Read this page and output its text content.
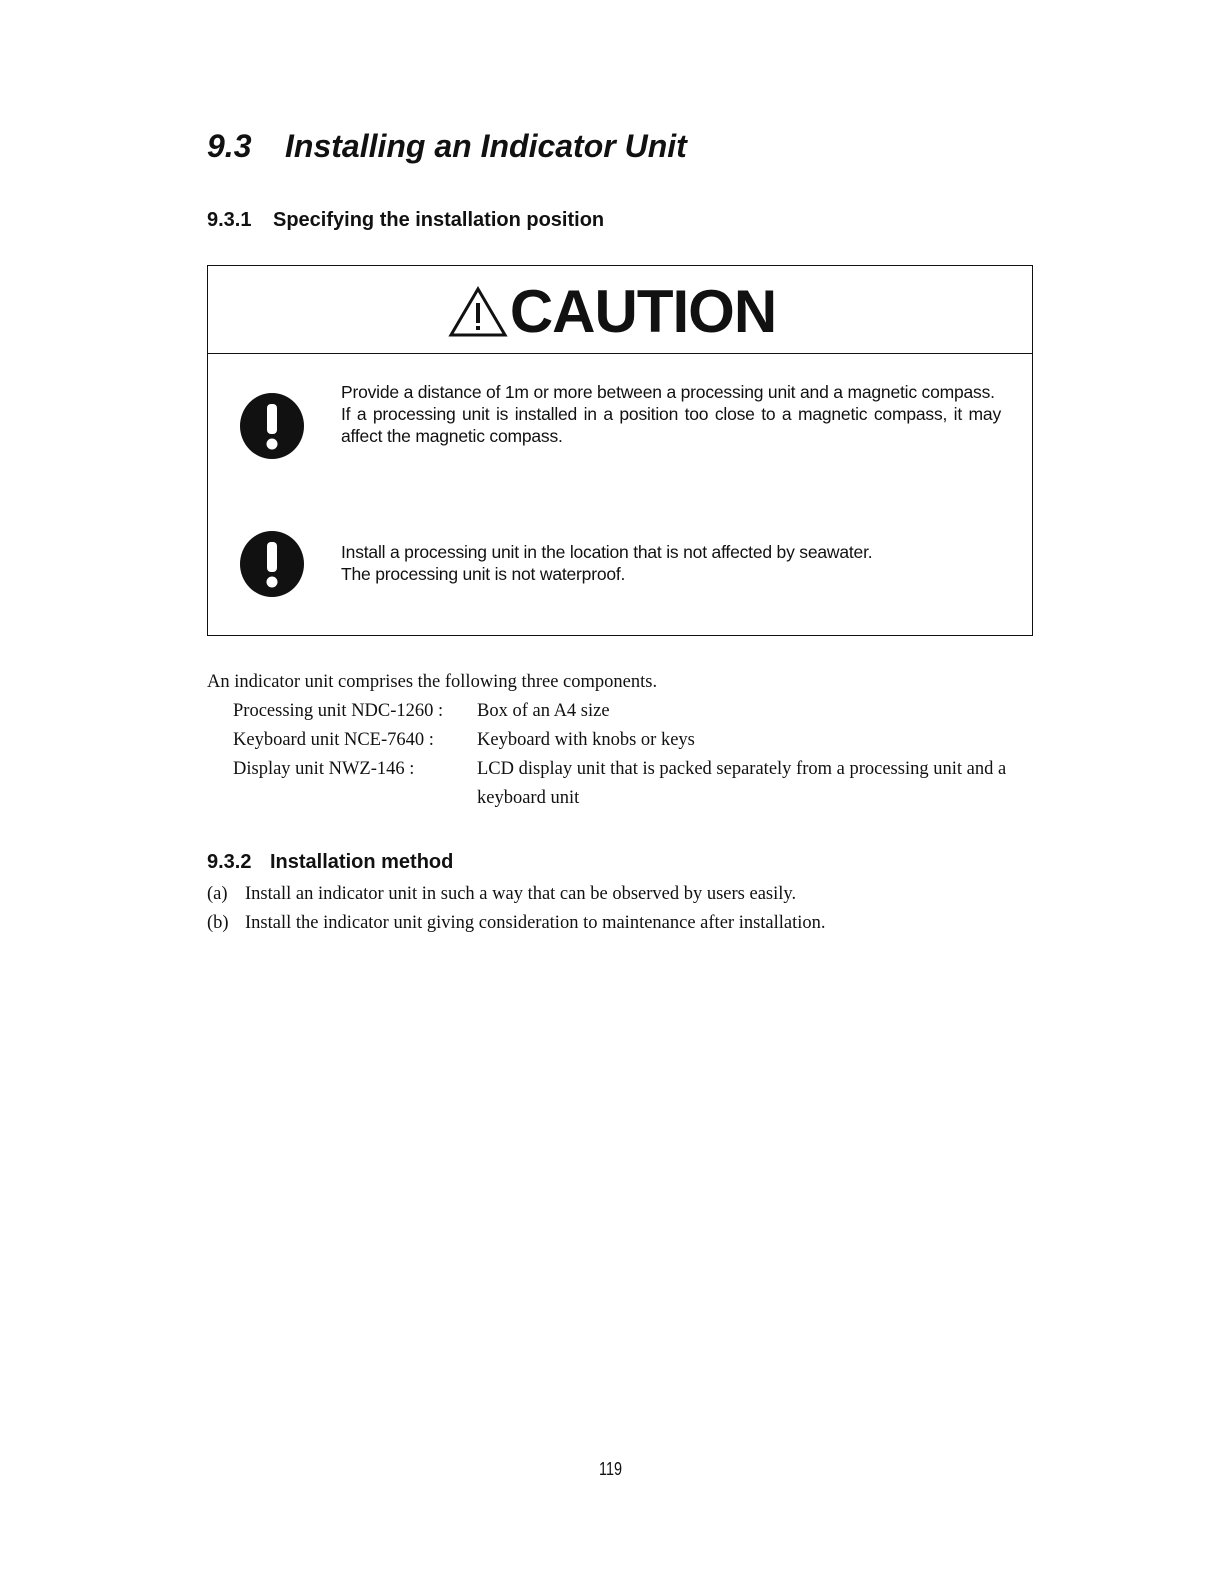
9.3 Installing an Indicator Unit
9.3.1 Specifying the installation position
CAUTION

Provide a distance of 1m or more between a processing unit and a magnetic compass.

If a processing unit is installed in a position too close to a magnetic compass, it may affect the magnetic compass.

Install a processing unit in the location that is not affected by seawater.

The processing unit is not waterproof.

An indicator unit comprises the following three components.

Processing unit NDC-1260 :	Box of an A4 size
Keyboard unit NCE-7640 :	Keyboard with knobs or keys
Display unit NWZ-146 :	LCD display unit that is packed separately from a processing unit and a keyboard unit
9.3.2 Installation method
(a) Install an indicator unit in such a way that can be observed by users easily.
(b) Install the indicator unit giving consideration to maintenance after installation.
119
